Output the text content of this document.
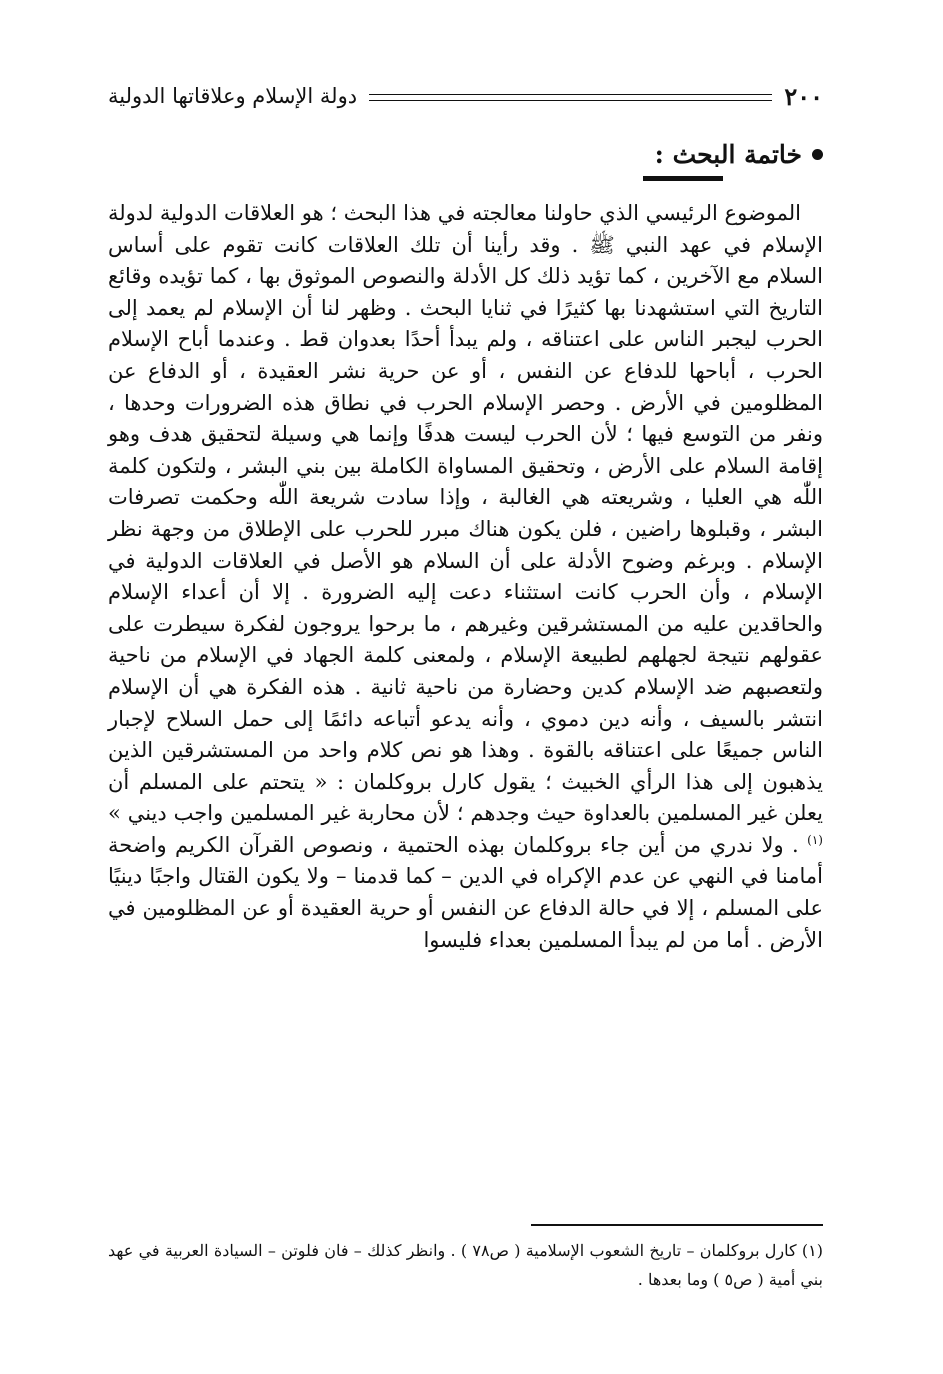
٢٠٠
دولة الإسلام وعلاقاتها الدولية
خاتمة البحث :

الموضوع الرئيسي الذي حاولنا معالجته في هذا البحث ؛ هو العلاقات الدولية لدولة الإسلام في عهد النبي ﷺ . وقد رأينا أن تلك العلاقات كانت تقوم على أساس السلام مع الآخرين ، كما تؤيد ذلك كل الأدلة والنصوص الموثوق بها ، كما تؤيده وقائع التاريخ التي استشهدنا بها كثيرًا في ثنايا البحث . وظهر لنا أن الإسلام لم يعمد إلى الحرب ليجبر الناس على اعتناقه ، ولم يبدأ أحدًا بعدوان قط . وعندما أباح الإسلام الحرب ، أباحها للدفاع عن النفس ، أو عن حرية نشر العقيدة ، أو الدفاع عن المظلومين في الأرض . وحصر الإسلام الحرب في نطاق هذه الضرورات وحدها ، ونفر من التوسع فيها ؛ لأن الحرب ليست هدفًا وإنما هي وسيلة لتحقيق هدف وهو إقامة السلام على الأرض ، وتحقيق المساواة الكاملة بين بني البشر ، ولتكون كلمة اللّٰه هي العليا ، وشريعته هي الغالبة ، وإذا سادت شريعة اللّٰه وحكمت تصرفات البشر ، وقبلوها راضين ، فلن يكون هناك مبرر للحرب على الإطلاق من وجهة نظر الإسلام . وبرغم وضوح الأدلة على أن السلام هو الأصل في العلاقات الدولية في الإسلام ، وأن الحرب كانت استثناء دعت إليه الضرورة . إلا أن أعداء الإسلام والحاقدين عليه من المستشرقين وغيرهم ، ما برحوا يروجون لفكرة سيطرت على عقولهم نتيجة لجهلهم لطبيعة الإسلام ، ولمعنى كلمة الجهاد في الإسلام من ناحية ولتعصبهم ضد الإسلام كدين وحضارة من ناحية ثانية . هذه الفكرة هي أن الإسلام انتشر بالسيف ، وأنه دين دموي ، وأنه يدعو أتباعه دائمًا إلى حمل السلاح لإجبار الناس جميعًا على اعتناقه بالقوة . وهذا هو نص كلام واحد من المستشرقين الذين يذهبون إلى هذا الرأي الخبيث ؛ يقول كارل بروكلمان : « يتحتم على المسلم أن يعلن غير المسلمين بالعداوة حيث وجدهم ؛ لأن محاربة غير المسلمين واجب ديني » $^{(١)}$ . ولا ندري من أين جاء بروكلمان بهذه الحتمية ، ونصوص القرآن الكريم واضحة أمامنا في النهي عن عدم الإكراه في الدين – كما قدمنا – ولا يكون القتال واجبًا دينيًا على المسلم ، إلا في حالة الدفاع عن النفس أو حرية العقيدة أو عن المظلومين في الأرض . أما من لم يبدأ المسلمين بعداء فليسوا

(١) كارل بروكلمان – تاريخ الشعوب الإسلامية ( ص٧٨ ) . وانظر كذلك – فان فلوتن – السيادة العربية في عهد بني أمية ( ص٥ ) وما بعدها .
